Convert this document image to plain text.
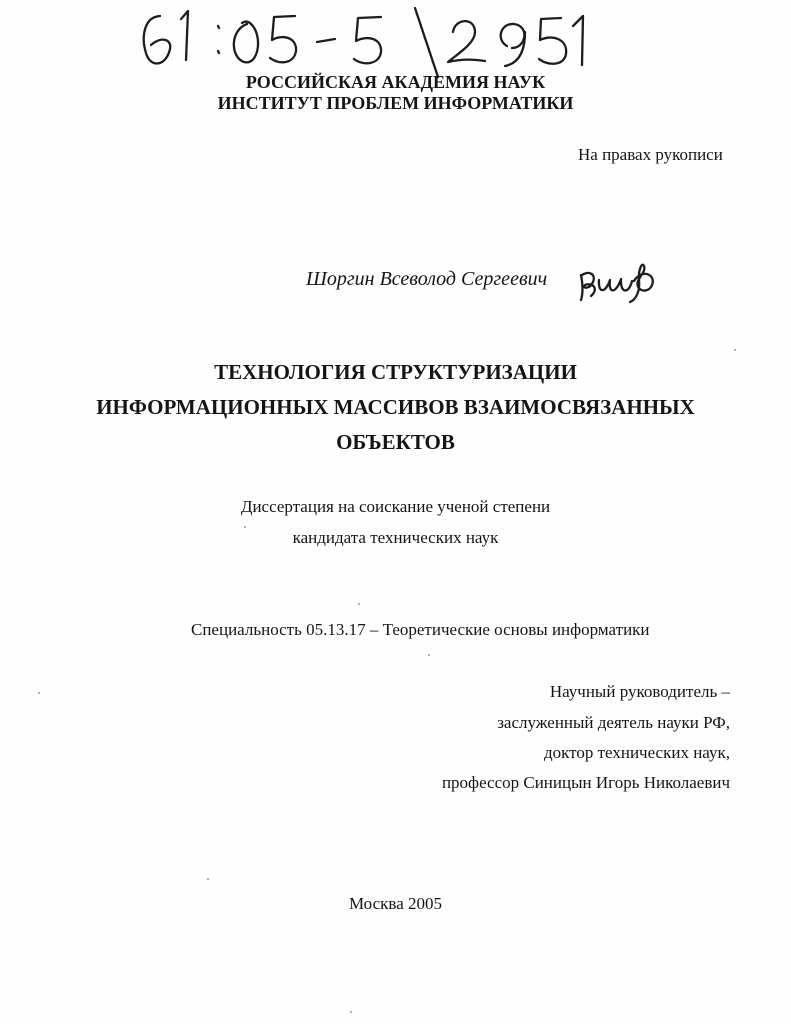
РОССИЙСКАЯ АКАДЕМИЯ НАУК
ИНСТИТУТ ПРОБЛЕМ ИНФОРМАТИКИ
На правах рукописи
Шоргин Всеволод Сергеевич
ТЕХНОЛОГИЯ СТРУКТУРИЗАЦИИ
ИНФОРМАЦИОННЫХ МАССИВОВ ВЗАИМОСВЯЗАННЫХ
ОБЪЕКТОВ
Диссертация на соискание ученой степени
кандидата технических наук
Специальность 05.13.17 – Теоретические основы информатики
Научный руководитель –
заслуженный деятель науки РФ,
доктор технических наук,
профессор Синицын Игорь Николаевич
Москва 2005
